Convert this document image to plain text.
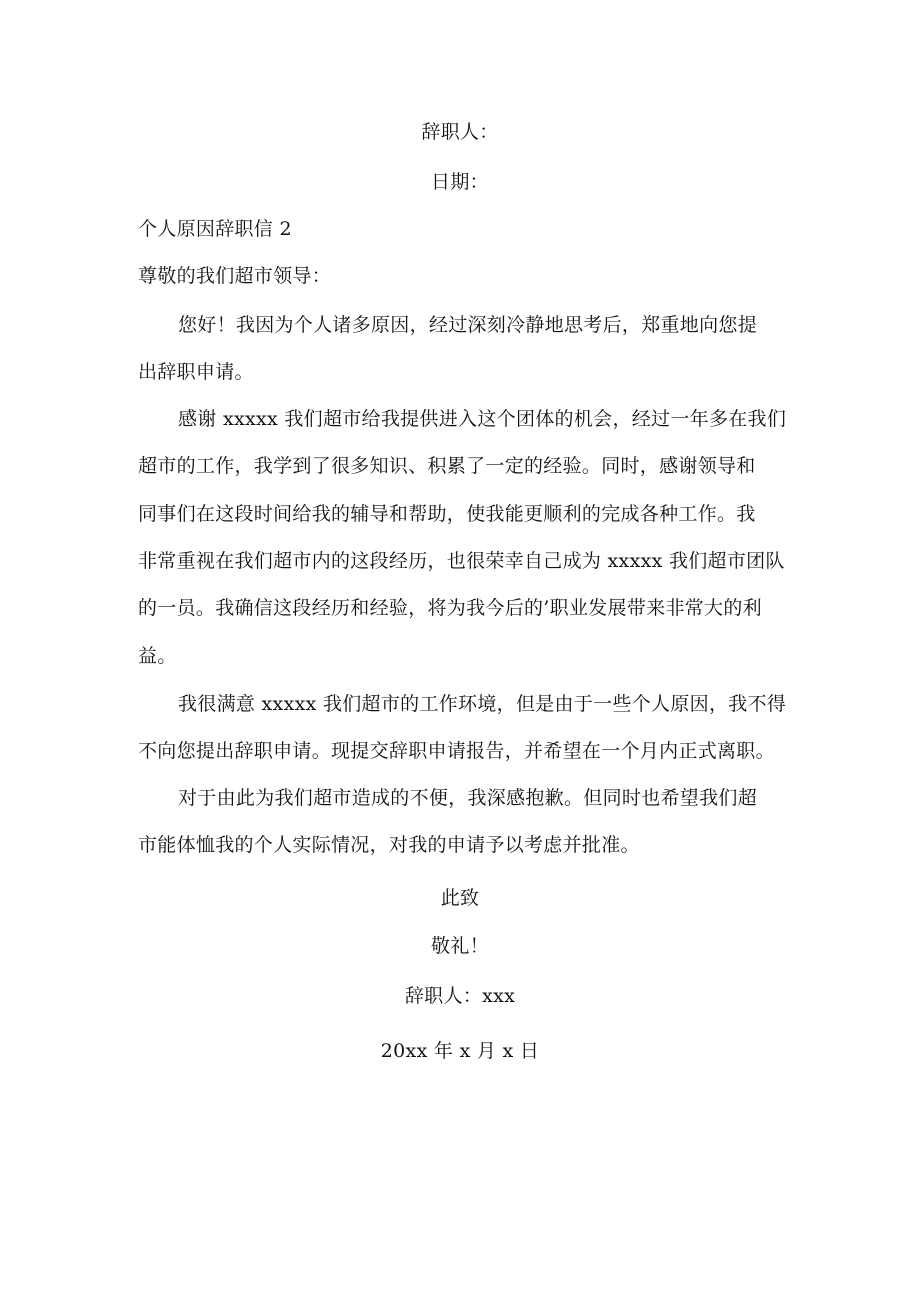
辞职人：
日期：
个人原因辞职信 2
尊敬的我们超市领导：
您好！我因为个人诸多原因，经过深刻冷静地思考后，郑重地向您提
出辞职申请。
感谢 xxxxx 我们超市给我提供进入这个团体的机会，经过一年多在我们
超市的工作，我学到了很多知识、积累了一定的经验。同时，感谢领导和
同事们在这段时间给我的辅导和帮助，使我能更顺利的完成各种工作。我
非常重视在我们超市内的这段经历，也很荣幸自己成为 xxxxx 我们超市团队
的一员。我确信这段经历和经验，将为我今后的’职业发展带来非常大的利
益。
我很满意 xxxxx 我们超市的工作环境，但是由于一些个人原因，我不得
不向您提出辞职申请。现提交辞职申请报告，并希望在一个月内正式离职。
对于由此为我们超市造成的不便，我深感抱歉。但同时也希望我们超
市能体恤我的个人实际情况，对我的申请予以考虑并批准。
此致
敬礼！
辞职人：xxx
20xx 年 x 月 x 日
